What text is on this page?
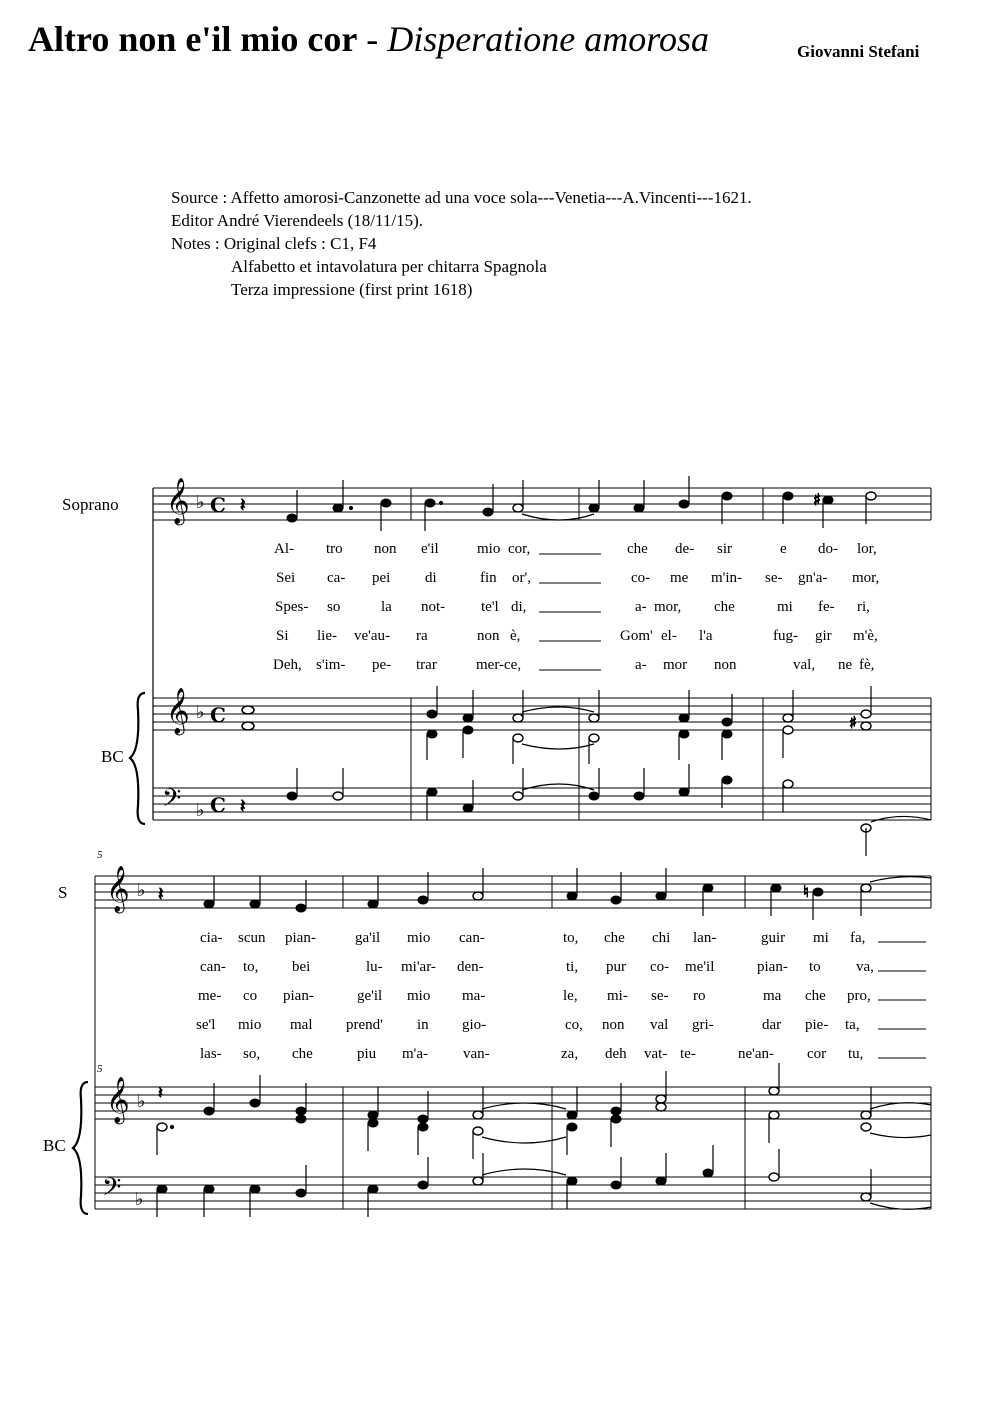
Altro non e'il mio cor - Disperatione amorosa	Giovanni Stefani
Source : Affetto amorosi-Canzonette ad una voce sola---Venetia---A.Vincenti---1621.
Editor André Vierendeels (18/11/15).
Notes : Original clefs : C1, F4
Alfabetto et intavolatura per chitarra Spagnola
Terza impressione (first print 1618)
Soprano
BC
S
BC
𝄞 ♭ C 𝄽	♯
Al- tro non e'il	mio cor,	che de- sir	e do- lor,
Sei ca- pei di	fin or',	co- me m'in- se- gn'a- mor,
Spes- so	la not- te'l di,	a- mor, che	mi fe- ri,
Si lie- ve'au- ra	non è,	Gom' el- l'a	fug- gir m'è,
Deh, s'im- pe- trar	mer- ce,	a- mor non	val, ne fè,
𝄞 ♭ C	♯
𝄢 ♭ C 𝄽
5
𝄞 ♭ 𝄽	♮
cia- scun pian-	ga'il mio can-	to, che chi lan-	guir mi fa,
can- to, bei	lu- mi'ar- den-	ti, pur co- me'il	pian- to va,
me- co pian-	ge'il mio ma-	le, mi- se- ro	ma che pro,
se'l mio mal prend' in gio-	co, non val gri-	dar pie- ta,
las- so, che	piu m'a- van-	za, deh vat- te-	ne'an- cor tu,
5
𝄞 ♭ 𝄽
𝄢 ♭
